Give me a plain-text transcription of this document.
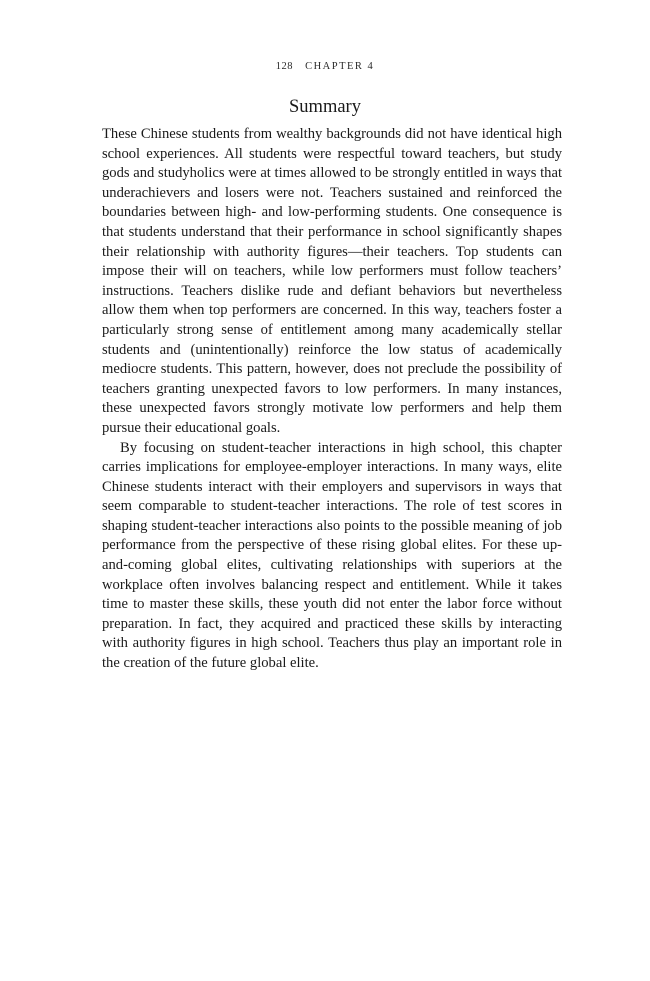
128 CHAPTER 4
Summary

These Chinese students from wealthy backgrounds did not have identical high school experiences. All students were respectful toward teachers, but study gods and studyholics were at times allowed to be strongly entitled in ways that underachievers and losers were not. Teachers sustained and reinforced the boundaries between high- and low-performing students. One consequence is that students understand that their performance in school significantly shapes their relationship with authority figures—their teachers. Top students can impose their will on teachers, while low performers must follow teachers’ instructions. Teachers dislike rude and defiant behaviors but nevertheless allow them when top performers are concerned. In this way, teachers foster a particularly strong sense of entitlement among many academically stellar students and (unintentionally) reinforce the low status of academically mediocre students. This pattern, however, does not preclude the possibility of teachers granting unexpected favors to low performers. In many instances, these unexpected favors strongly motivate low performers and help them pursue their educational goals.

By focusing on student-teacher interactions in high school, this chapter carries implications for employee-employer interactions. In many ways, elite Chinese students interact with their employers and supervisors in ways that seem comparable to student-teacher interactions. The role of test scores in shaping student-teacher interactions also points to the possible meaning of job performance from the perspective of these rising global elites. For these up-and-coming global elites, cultivating relationships with superiors at the workplace often involves balancing respect and entitlement. While it takes time to master these skills, these youth did not enter the labor force without preparation. In fact, they acquired and practiced these skills by interacting with authority figures in high school. Teachers thus play an important role in the creation of the future global elite.
